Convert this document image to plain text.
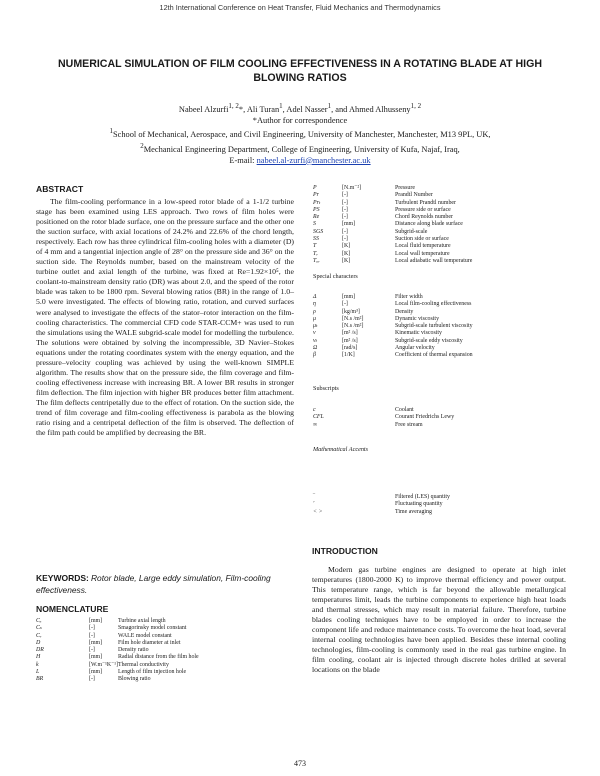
12th International Conference on Heat Transfer, Fluid Mechanics and Thermodynamics
NUMERICAL SIMULATION OF FILM COOLING EFFECTIVENESS IN A ROTATING BLADE AT HIGH BLOWING RATIOS
Nabeel Alzurfi$^{1, 2}$*, Ali Turan$^1$, Adel Nasser$^1$, and Ahmed Alhusseny$^{1, 2}$
*Author for correspondence
$^1$School of Mechanical, Aerospace, and Civil Engineering, University of Manchester, Manchester, M13 9PL, UK,
$^2$Mechanical Engineering Department, College of Engineering, University of Kufa, Najaf, Iraq,
E-mail: nabeel.al-zurfi@manchester.ac.uk
ABSTRACT
The film-cooling performance in a low-speed rotor blade of a 1-1/2 turbine stage has been examined using LES approach. Two rows of film holes were positioned on the rotor blade surface, one on the pressure surface and the other one the suction surface, with axial locations of 24.2% and 22.6% of the chord length, respectively. Each row has three cylindrical film-cooling holes with a diameter (D) of 4 mm and a tangential injection angle of 28° on the pressure side and 36° on the suction side. The Reynolds number, based on the mainstream velocity of the turbine outlet and axial length of the turbine, was fixed at Re=1.92×10⁵, the coolant-to-mainstream density ratio (DR) was about 2.0, and the speed of the rotor blade was taken to be 1800 rpm. Several blowing ratios (BR) in the range of 1.0–5.0 were investigated. The effects of blowing ratio, rotation, and curved surfaces were analysed to investigate the effects of the stator–rotor interaction on the film-cooling characteristics. The commercial CFD code STAR-CCM+ was used to run the simulations using the WALE subgrid-scale model for modelling the turbulence. The solutions were obtained by solving the incompressible, 3D Navier–Stokes equations under the rotating coordinates system with the energy equation, and the pressure–velocity coupling was achieved by using the well-known SIMPLE algorithm. The results show that on the pressure side, the film coverage and film-cooling effectiveness increase with increasing BR. A lower BR results in stronger film deflection. The film injection with higher BR produces better film attachment. The film deflects centripetally due to the effect of rotation. On the suction side, the trend of film coverage and film-cooling effectiveness is parabola as the blowing ratio rising and a centripetal deflection of the film is observed. The deflection of the film path could be amplified by decreasing the BR.
KEYWORDS: Rotor blade, Large eddy simulation, Film-cooling effectiveness.
NOMENCLATURE
Cₓ	[mm]	Turbine axial length
Cₛ	[-]	Smagorinsky model constant
Cᵥ	[-]	WALE model constant
D	[mm]	Film hole diameter at inlet
DR	[-]	Density ratio
H	[mm]	Radial distance from the film hole
k	[W.m⁻¹K⁻¹]	Thermal conductivity
L	[mm]	Length of film injection hole
BR	[-]	Blowing ratio
P	[N.m⁻²]	Pressure
Pr	[-]	Prandtl Number
Prₜ	[-]	Turbulent Prandtl number
PS	[-]	Pressure side or surface
Re	[-]	Chord Reynolds number
S	[mm]	Distance along blade surface
SGS	[-]	Subgrid-scale
SS	[-]	Suction side or surface
T	[K]	Local fluid temperature
Tᵥ	[K]	Local wall temperature
Tₐᵥ	[K]	Local adiabatic wall temperature
Special characters
Δ	[mm]	Filter width
η	[-]	Local film-cooling effectiveness
ρ	[kg/m³]	Density
μ	[N.s /m²]	Dynamic viscosity
μₜ	[N.s /m²]	Subgrid-scale turbulent viscosity
ν	[m² /s]	Kinematic viscosity
νₜ	[m² /s]	Subgrid-scale eddy viscosity
Ω	[rad/s]	Angular velocity
β	[1/K]	Coefficient of thermal expansion
Subscripts
c	Coolant
CFL	Courant Friedrichs Lewy
∞	Free stream
Mathematical Accents
‾	Filtered (LES) quantity
′	Fluctuating quantity
< >	Time averaging
INTRODUCTION
Modern gas turbine engines are designed to operate at high inlet temperatures (1800-2000 K) to improve thermal efficiency and power output. This temperature range, which is far beyond the allowable metallurgical temperatures limit, leads the turbine components to experience high heat loads and thermal stresses, which may result in material failure. Therefore, turbine blades cooling techniques have to be employed in order to increase the component life and reduce maintenance costs. To overcome the heat load, several internal cooling technologies have been applied. Besides these internal cooling technologies, film-cooling is commonly used in the real gas turbine engine. In film cooling, coolant air is injected through discrete holes drilled at several locations on the blade
473
